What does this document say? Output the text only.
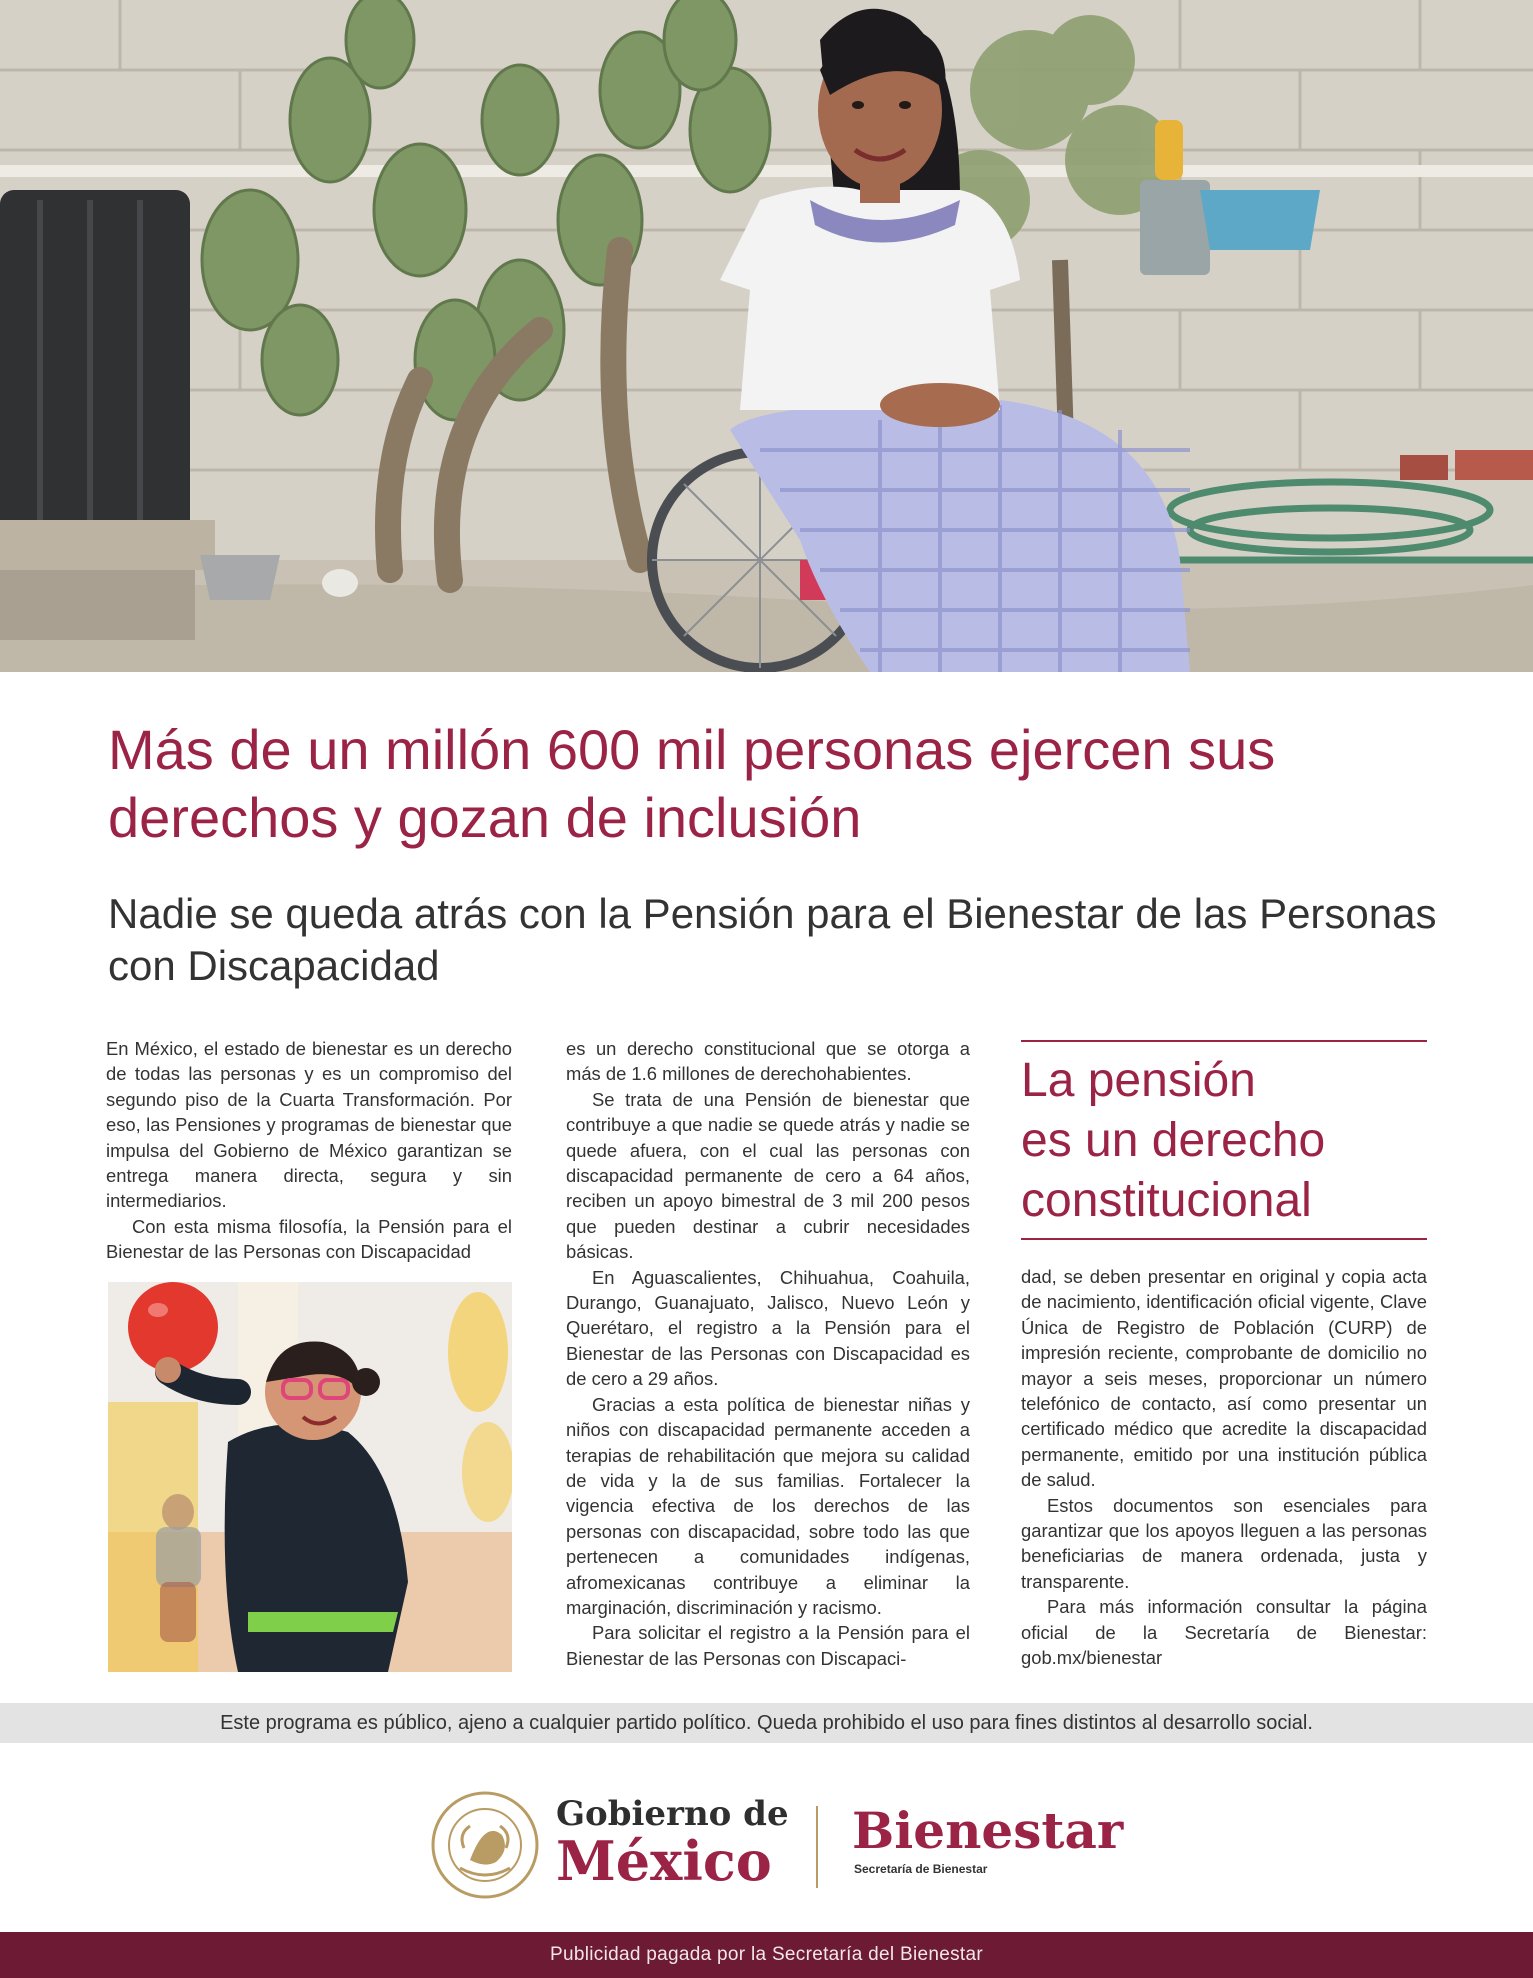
Más de un millón 600 mil personas ejercen sus derechos y gozan de inclusión
Nadie se queda atrás con la Pensión para el Bienestar de las Personas con Discapacidad

En México, el estado de bienestar es un derecho de todas las personas y es un compromiso del segundo piso de la Cuarta Transformación. Por eso, las Pensiones y programas de bienestar que impulsa del Gobierno de México garantizan se entrega manera directa, segura y sin intermediarios.

Con esta misma filosofía, la Pensión para el Bienestar de las Personas con Discapacidad

es un derecho constitucional que se otorga a más de 1.6 millones de derechohabientes.

Se trata de una Pensión de bienestar que contribuye a que nadie se quede atrás y nadie se quede afuera, con el cual las personas con discapacidad permanente de cero a 64 años, reciben un apoyo bimestral de 3 mil 200 pesos que pueden destinar a cubrir necesidades básicas.

En Aguascalientes, Chihuahua, Coahuila, Durango, Guanajuato, Jalisco, Nuevo León y Querétaro, el registro a la Pensión para el Bienestar de las Personas con Discapacidad es de cero a 29 años.

Gracias a esta política de bienestar niñas y niños con discapacidad permanente acceden a terapias de rehabilitación que mejora su calidad de vida y la de sus familias. Fortalecer la vigencia efectiva de los derechos de las personas con discapacidad, sobre todo las que pertenecen a comunidades indígenas, afromexicanas contribuye a eliminar la marginación, discriminación y racismo.

Para solicitar el registro a la Pensión para el Bienestar de las Personas con Discapaci-

La pensión
es un derecho
constitucional

dad, se deben presentar en original y copia acta de nacimiento, identificación oficial vigente, Clave Única de Registro de Población (CURP) de impresión reciente, comprobante de domicilio no mayor a seis meses, proporcionar un número telefónico de contacto, así como presentar un certificado médico que acredite la discapacidad permanente, emitido por una institución pública de salud.

Estos documentos son esenciales para garantizar que los apoyos lleguen a las personas beneficiarias de manera ordenada, justa y transparente.

Para más información consultar la página oficial de la Secretaría de Bienestar: gob.mx/bienestar

Este programa es público, ajeno a cualquier partido político. Queda prohibido el uso para fines distintos al desarrollo social.
Gobierno de
México Bienestar
Secretaría de Bienestar
Publicidad pagada por la Secretaría del Bienestar
